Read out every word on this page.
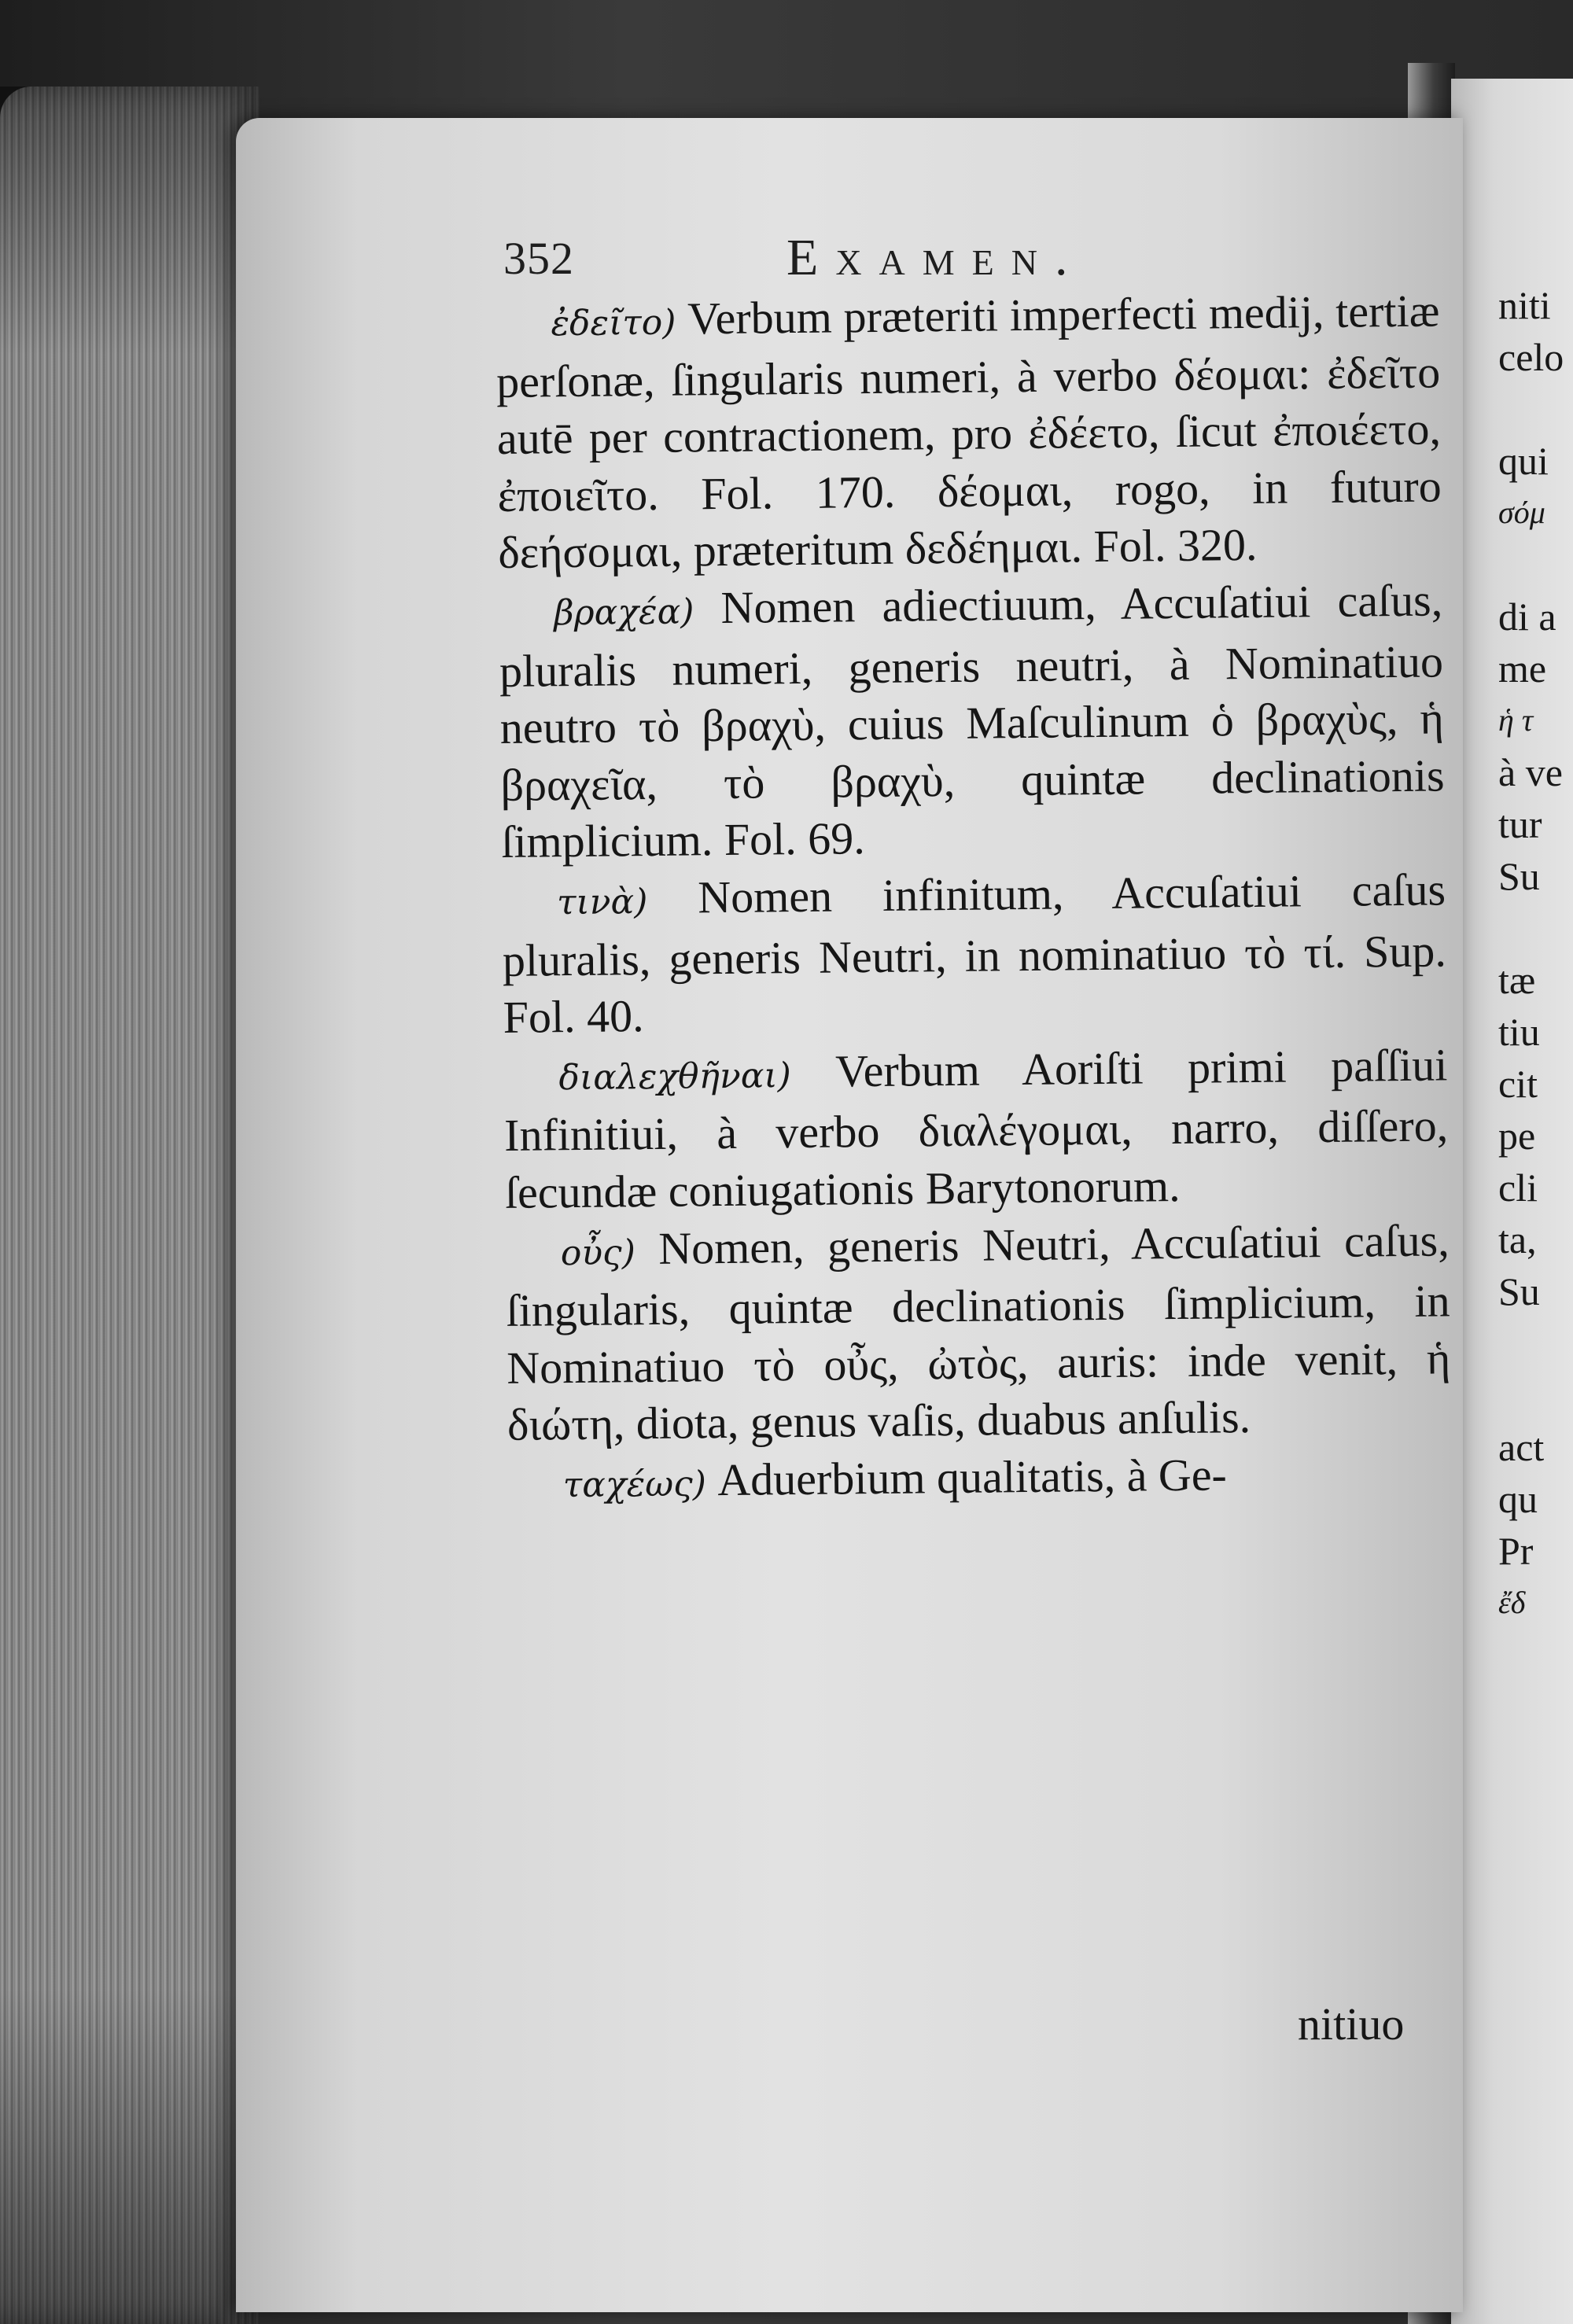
niti
celo
qui
σόμ
di a
me
ἡ τ
à ve
tur
Su
tæ
tiu
cit
pe
cli
ta,
Su
act
qu
Pr
ἔδ
352	Examen.

ἐδεῖτο) Verbum præteriti imperfecti medij, tertiæ perſonæ, ſingularis numeri, à verbo δέομαι: ἐδεῖτο autē per contractionem, pro ἐδέετο, ſicut ἐποιέετο, ἐποιεῖτο. Fol. 170. δέομαι, rogo, in futuro δεήσομαι, præteritum δεδέημαι. Fol. 320.

βραχέα) Nomen adiectiuum, Accuſatiui caſus, pluralis numeri, generis neutri, à Nominatiuo neutro τὸ βραχὺ, cuius Maſculinum ὁ βραχὺς, ἡ βραχεῖα, τὸ βραχὺ, quintæ declinationis ſimplicium. Fol. 69.

τινὰ) Nomen infinitum, Accuſatiui caſus pluralis, generis Neutri, in nominatiuo τὸ τί. Sup. Fol. 40.

διαλεχθῆναι) Verbum Aoriſti primi paſſiui Infinitiui, à verbo διαλέγομαι, narro, diſſero, ſecundæ coniugationis Barytonorum.

οὖς) Nomen, generis Neutri, Accuſatiui caſus, ſingularis, quintæ declinationis ſimplicium, in Nominatiuo τὸ οὖς, ὠτὸς, auris: inde venit, ἡ διώτη, diota, genus vaſis, duabus anſulis.

ταχέως) Aduerbium qualitatis, à Ge-

nitiuo
